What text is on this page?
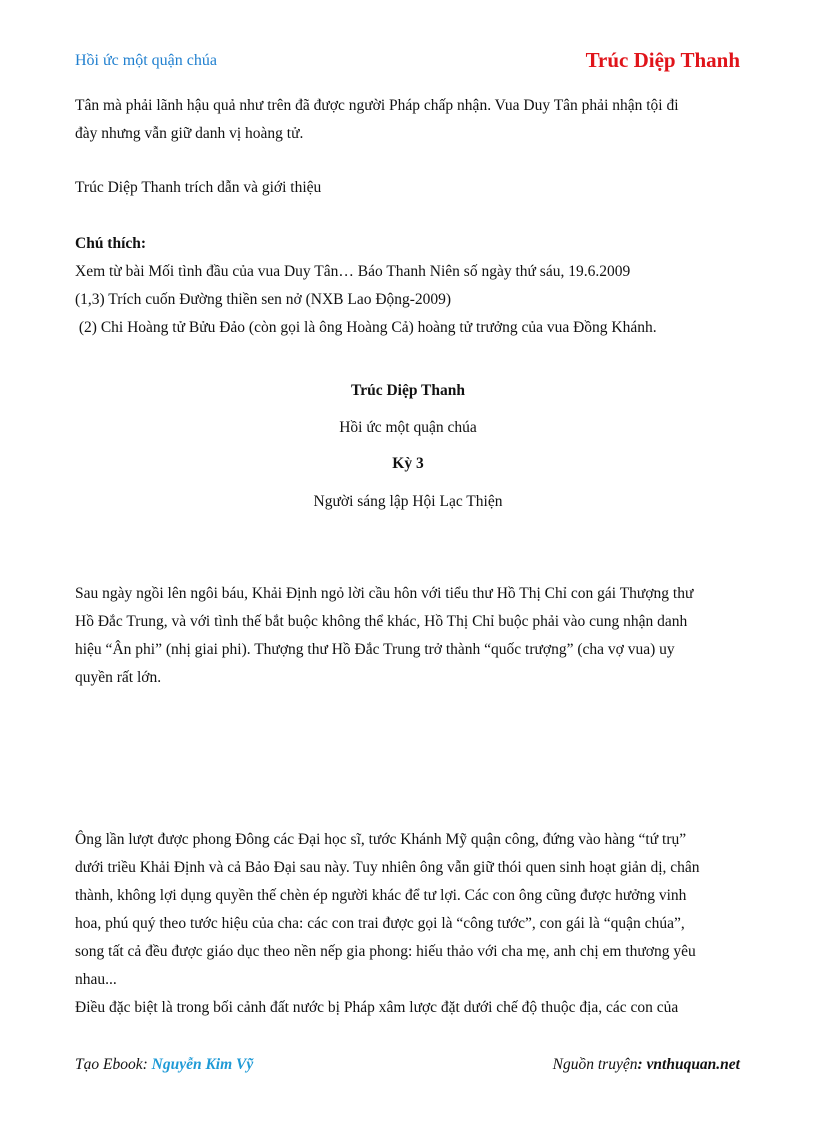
Hồi ức một quận chúa	Trúc Diệp Thanh

Tân mà phải lãnh hậu quả như trên đã được người Pháp chấp nhận. Vua Duy Tân phải nhận tội đi
đày nhưng vẫn giữ danh vị hoàng tử.

Trúc Diệp Thanh trích dẫn và giới thiệu

Chú thích:
Xem từ bài Mối tình đầu của vua Duy Tân… Báo Thanh Niên số ngày thứ sáu, 19.6.2009
(1,3) Trích cuốn Đường thiền sen nở (NXB Lao Động-2009)
(2) Chi Hoàng tử Bửu Đảo (còn gọi là ông Hoàng Cả) hoàng tử trưởng của vua Đồng Khánh.
Trúc Diệp Thanh
Hồi ức một quận chúa
Kỳ 3
Người sáng lập Hội Lạc Thiện

Sau ngày ngồi lên ngôi báu, Khải Định ngỏ lời cầu hôn với tiểu thư Hồ Thị Chỉ con gái Thượng thư
Hồ Đắc Trung, và với tình thế bắt buộc không thể khác, Hồ Thị Chỉ buộc phải vào cung nhận danh
hiệu “Ân phi” (nhị giai phi). Thượng thư Hồ Đắc Trung trở thành “quốc trượng” (cha vợ vua) uy
quyền rất lớn.

Ông lần lượt được phong Đông các Đại học sĩ, tước Khánh Mỹ quận công, đứng vào hàng “tứ trụ”
dưới triều Khải Định và cả Bảo Đại sau này. Tuy nhiên ông vẫn giữ thói quen sinh hoạt giản dị, chân
thành, không lợi dụng quyền thế chèn ép người khác để tư lợi. Các con ông cũng được hưởng vinh
hoa, phú quý theo tước hiệu của cha: các con trai được gọi là “công tước”, con gái là “quận chúa”,
song tất cả đều được giáo dục theo nền nếp gia phong: hiếu thảo với cha mẹ, anh chị em thương yêu
nhau...
Điều đặc biệt là trong bối cảnh đất nước bị Pháp xâm lược đặt dưới chế độ thuộc địa, các con của

Tạo Ebook: Nguyễn Kim Vỹ	Nguồn truyện: vnthuquan.net
